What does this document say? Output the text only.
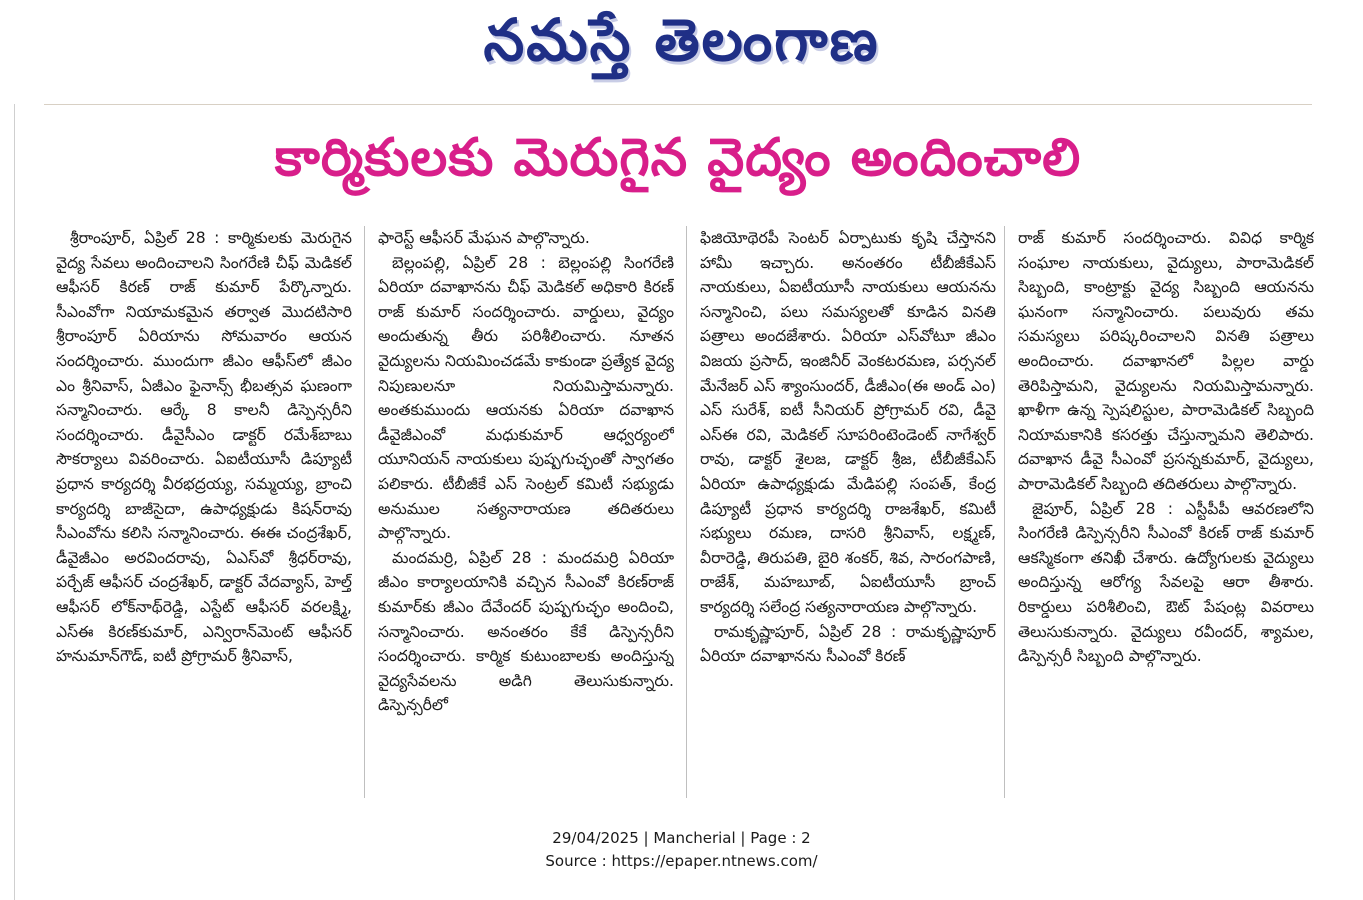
నమస్తే తెలంగాణ
కార్మికులకు మెరుగైన వైద్యం అందించాలి

శ్రీరాంపూర్, ఏప్రిల్ 28 : కార్మికులకు మెరుగైన వైద్య సేవలు అందించాలని సింగరేణి చీఫ్ మెడికల్ ఆఫీసర్ కిరణ్ రాజ్ కుమార్ పేర్కొన్నారు. సీఎంవోగా నియామకమైన తర్వాత మొదటిసారి శ్రీరాంపూర్ ఏరియాను సోమవారం ఆయన సందర్శించారు. ముందుగా జీఎం ఆఫీస్‌లో జీఎం ఎం శ్రీనివాస్, ఏజీఎం ఫైనాన్స్ భీబత్సవ ఘణంగా సన్మానించారు. ఆర్కే 8 కాలనీ డిస్పెన్సరీని సందర్శించారు. డీవైసీఎం డాక్టర్ రమేశ్‌బాబు సౌకర్యాలు వివరించారు. ఏఐటీయూసీ డిప్యూటీ ప్రధాన కార్యదర్శి వీరభద్రయ్య, సమ్మయ్య, బ్రాంచి కార్యదర్శి బాజీసైదా, ఉపాధ్యక్షుడు కిషన్‌రావు సీఎంవోను కలిసి సన్మానించారు. ఈఈ చంద్రశేఖర్, డీవైజీఎం అరవిందరావు, ఏఎస్‌వో శ్రీధర్‌రావు, పర్చేజ్ ఆఫీసర్ చంద్రశేఖర్, డాక్టర్ వేదవ్యాస్, హెల్త్ ఆఫీసర్ లోక్‌నాథ్‌రెడ్డి, ఎస్టేట్ ఆఫీసర్ వరలక్ష్మి, ఎస్‌ఈ కిరణ్‌కుమార్, ఎన్విరాన్‌మెంట్ ఆఫీసర్ హనుమాన్‌గౌడ్, ఐటీ ప్రోగ్రామర్ శ్రీనివాస్,

ఫారెస్ట్ ఆఫీసర్ మేఘన పాల్గొన్నారు.

బెల్లంపల్లి, ఏప్రిల్ 28 : బెల్లంపల్లి సింగరేణి ఏరియా దవాఖానను చీఫ్ మెడికల్ అధికారి కిరణ్ రాజ్ కుమార్ సందర్శించారు. వార్డులు, వైద్యం అందుతున్న తీరు పరిశీలించారు. నూతన వైద్యులను నియమించడమే కాకుండా ప్రత్యేక వైద్య నిపుణులనూ నియమిస్తామన్నారు. అంతకుముందు ఆయనకు ఏరియా దవాఖాన డీవైజీఎంవో మధుకుమార్ ఆధ్వర్యంలో యూనియన్ నాయకులు పుష్పగుచ్ఛంతో స్వాగతం పలికారు. టీబీజీకే ఎస్ సెంట్రల్ కమిటీ సభ్యుడు అనుముల సత్యనారాయణ తదితరులు పాల్గొన్నారు.

మందమర్రి, ఏప్రిల్ 28 : మందమర్రి ఏరియా జీఎం కార్యాలయానికి వచ్చిన సీఎంవో కిరణ్‌రాజ్ కుమార్‌కు జీఎం దేవేందర్ పుష్పగుచ్ఛం అందించి, సన్మానించారు. అనంతరం కేకే డిస్పెన్సరీని సందర్శించారు. కార్మిక కుటుంబాలకు అందిస్తున్న వైద్యసేవలను అడిగి తెలుసుకున్నారు. డిస్పెన్సరీలో

ఫిజియోథెరపీ సెంటర్ ఏర్పాటుకు కృషి చేస్తానని హామీ ఇచ్చారు. అనంతరం టీబీజీకేఎస్ నాయకులు, ఏఐటీయూసీ నాయకులు ఆయనను సన్మానించి, పలు సమస్యలతో కూడిన వినతి పత్రాలు అందజేశారు. ఏరియా ఎస్‌వోటూ జీఎం విజయ ప్రసాద్, ఇంజినీర్ వెంకటరమణ, పర్సనల్ మేనేజర్ ఎస్ శ్యాంసుందర్, డీజీఎం(ఈ అండ్ ఎం) ఎస్ సురేశ్, ఐటీ సీనియర్ ప్రోగ్రామర్ రవి, డీవై ఎస్‌ఈ రవి, మెడికల్ సూపరింటెండెంట్ నాగేశ్వర్ రావు, డాక్టర్ శైలజ, డాక్టర్ శ్రీజ, టీబీజీకేఎస్ ఏరియా ఉపాధ్యక్షుడు మేడిపల్లి సంపత్, కేంద్ర డిప్యూటీ ప్రధాన కార్యదర్శి రాజశేఖర్, కమిటీ సభ్యులు రమణ, దాసరి శ్రీనివాస్, లక్ష్మణ్, వీరారెడ్డి, తిరుపతి, బైరి శంకర్, శివ, సారంగపాణి, రాజేశ్, మహబూబ్, ఏఐటీయూసీ బ్రాంచ్ కార్యదర్శి సలేంద్ర సత్యనారాయణ పాల్గొన్నారు.

రామకృష్ణాపూర్, ఏప్రిల్ 28 : రామకృష్ణాపూర్ ఏరియా దవాఖానను సీఎంవో కిరణ్

రాజ్ కుమార్ సందర్శించారు. వివిధ కార్మిక సంఘాల నాయకులు, వైద్యులు, పారామెడికల్ సిబ్బంది, కాంట్రాక్టు వైద్య సిబ్బంది ఆయనను ఘనంగా సన్మానించారు. పలువురు తమ సమస్యలు పరిష్కరించాలని వినతి పత్రాలు అందించారు. దవాఖానలో పిల్లల వార్డు తెరిపిస్తామని, వైద్యులను నియమిస్తామన్నారు. ఖాళీగా ఉన్న స్పెషలిస్టుల, పారామెడికల్ సిబ్బంది నియామకానికి కసరత్తు చేస్తున్నామని తెలిపారు. దవాఖాన డీవై సీఎంవో ప్రసన్నకుమార్, వైద్యులు, పారామెడికల్ సిబ్బంది తదితరులు పాల్గొన్నారు.

జైపూర్, ఏప్రిల్ 28 : ఎస్టీపీపీ ఆవరణలోని సింగరేణి డిస్పెన్సరీని సీఎంవో కిరణ్ రాజ్ కుమార్ ఆకస్మికంగా తనిఖీ చేశారు. ఉద్యోగులకు వైద్యులు అందిస్తున్న ఆరోగ్య సేవలపై ఆరా తీశారు. రికార్డులు పరిశీలించి, ఔట్ పేషంట్ల వివరాలు తెలుసుకున్నారు. వైద్యులు రవీందర్, శ్యామల, డిస్పెన్సరీ సిబ్బంది పాల్గొన్నారు.

29/04/2025 | Mancherial | Page : 2
Source : https://epaper.ntnews.com/
